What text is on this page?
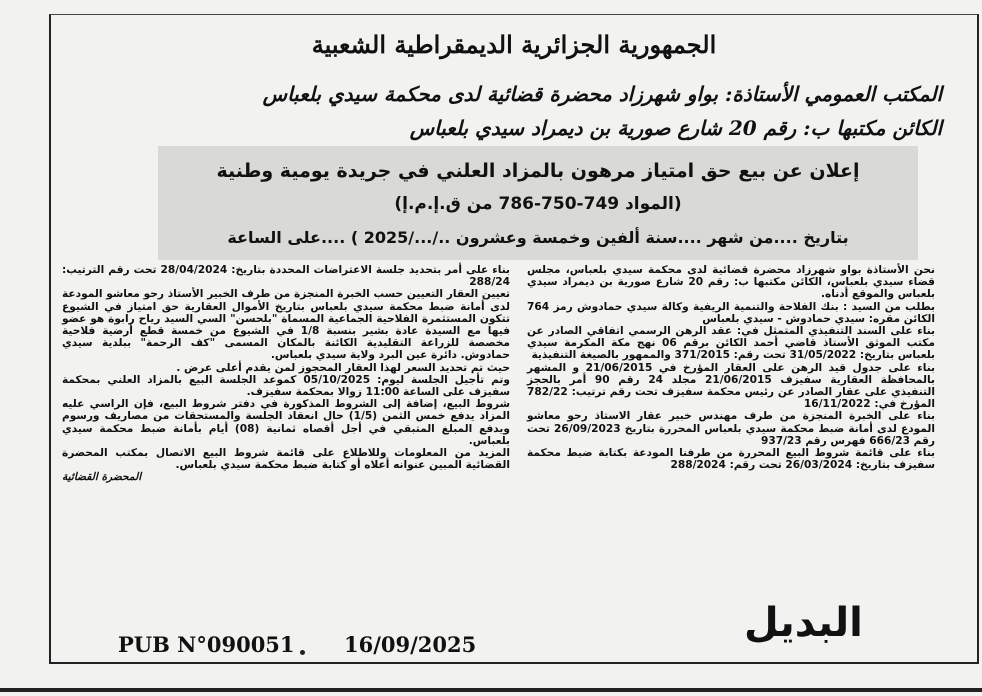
الجمهورية الجزائرية الديمقراطية الشعبية
المكتب العمومي الأستاذة: بواو شهرزاد محضرة قضائية لدى محكمة سيدي بلعباس
الكائن مكتبها ب: رقم 20 شارع صورية بن ديمراد سيدي بلعباس
إعلان عن بيع حق امتياز مرهون بالمزاد العلني في جريدة يومية وطنية
(المواد 749-750-786 من ق.إ.م.إ)
بتاريخ ....من شهر ....سنة ألفين وخمسة وعشرون ../.../2025 ) ....على الساعة

نحن الأستاذة بواو شهرزاد محضرة قضائية لدى محكمة سيدي بلعباس، مجلس قضاء سيدي بلعباس، الكائن مكتبها ب: رقم 20 شارع صورية بن ديمراد سيدي بلعباس والموقع أدناه.

بطلب من السيد : بنك الفلاحة والتنمية الريفية وكالة سيدي حمادوش رمز 764 الكائن مقره: سيدي حمادوش - سيدي بلعباس

بناء على السند التنفيذي المتمثل في: عقد الرهن الرسمي اتفاقي الصادر عن مكتب الموثق الأستاذ قاضي أحمد الكائن برقم 06 نهج مكة المكرمة سيدي بلعباس بتاريخ: 31/05/2022 تحت رقم: 371/2015 والممهور بالصيغة التنفيذية

بناء على جدول قيد الرهن على العقار المؤرخ في 21/06/2015 و المشهر بالمحافظة العقارية سفيزف 21/06/2015 مجلد 24 رقم 90 أمر بالحجز التنفيذي على عقار الصادر عن رئيس محكمة سفيزف تحت رقم ترتيب: 782/22 المؤرخ في: 16/11/2022

بناء على الخبرة المنجزة من طرف مهندس خبير عقار الاستاذ رحو معاشو المودع لدى أمانة ضبط محكمة سيدي بلعباس المحررة بتاريخ 26/09/2023 تحت رقم 666/23 فهرس رقم 937/23

بناء على قائمة شروط البيع المحررة من طرفنا المودعة بكتابة ضبط محكمة سفيزف بتاريخ: 26/03/2024 تحت رقم: 288/2024

بناء على أمر بتحديد جلسة الاعتراضات المحددة بتاريخ: 28/04/2024 تحت رقم الترتيب: 288/24

تعيين العقار التعيين حسب الخبرة المنجزة من طرف الخبير الأستاذ رحو معاشو المودعة لدى أمانة ضبط محكمة سيدي بلعباس بتاريخ الأموال العقارية حق امتياز في الشيوع تتكون المستثمرة الفلاحية الجماعية المسماة "بلحسن" السي السيد رياح رابوة هو عضو فيها مع السيدة عادة بشير بنسبة 1/8 في الشيوع من خمسة قطع أرضية فلاحية مخصصة للزراعة التقليدية الكائنة بالمكان المسمى "كف الرحمة" ببلدية سيدي حمادوش. دائرة عين البرد ولاية سيدي بلعباس.

حيث تم تحديد السعر لهذا العقار المحجوز لمن يقدم أعلى عرض .

وتم تأجيل الجلسة ليوم: 05/10/2025 كموعد الجلسة البيع بالمزاد العلني بمحكمة سفيزف على الساعة 11:00 زوالا بمحكمة سفيزف.

شروط البيع، إضافة إلى الشروط المذكورة في دفتر شروط البيع، فإن الراسي عليه المزاد يدفع خمس الثمن (1/5) حال انعقاد الجلسة والمستحقات من مصاريف ورسوم ويدفع المبلغ المتبقي في أجل أقصاه ثمانية (08) أيام بأمانة ضبط محكمة سيدي بلعباس.

المزيد من المعلومات وللاطلاع على قائمة شروط البيع الاتصال بمكتب المحضرة القضائية المبين عنوانه أعلاه أو كتابة ضبط محكمة سيدي بلعباس.

المحضرة القضائية

البديل
PUB N°090051 16/09/2025
